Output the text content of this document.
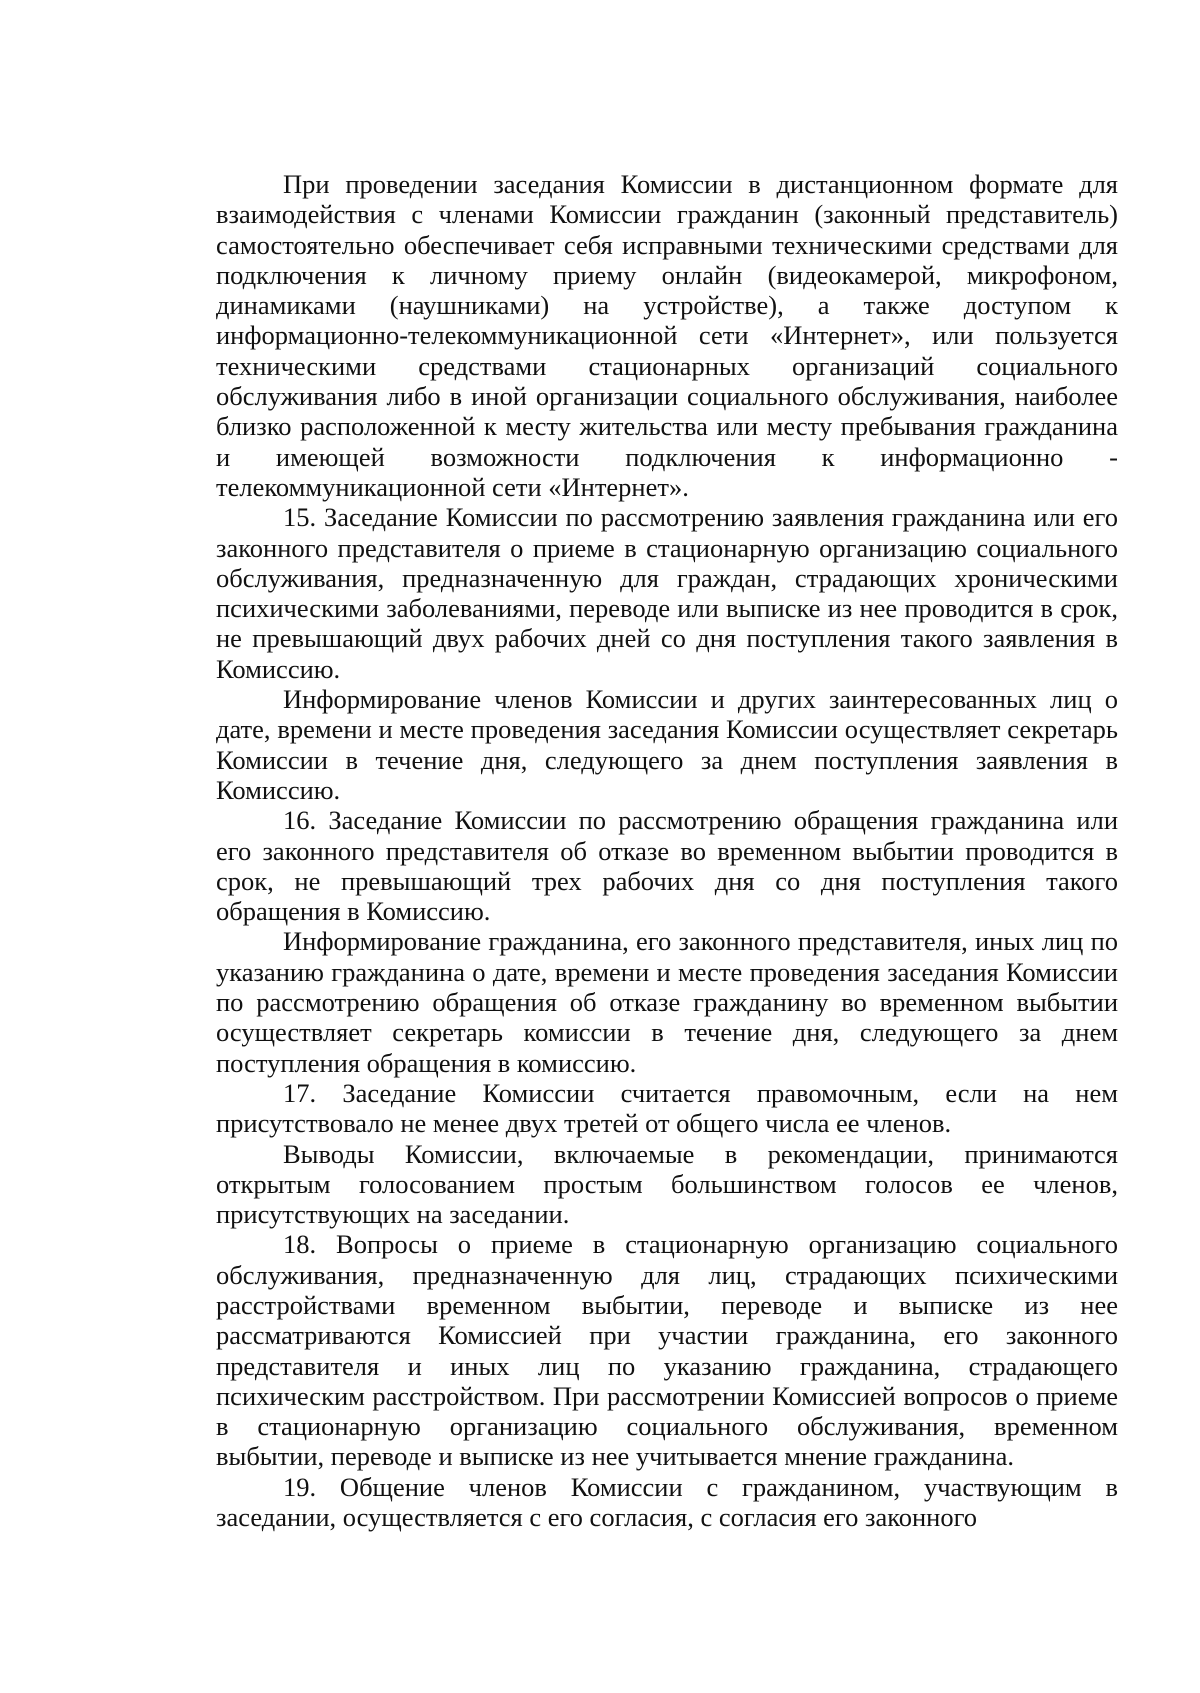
При проведении заседания Комиссии в дистанционном формате для взаимодействия с членами Комиссии гражданин (законный представитель) самостоятельно обеспечивает себя исправными техническими средствами для подключения к личному приему онлайн (видеокамерой, микрофоном, динамиками (наушниками) на устройстве), а также доступом к информационно-телекоммуникационной сети «Интернет», или пользуется техническими средствами стационарных организаций социального обслуживания либо в иной организации социального обслуживания, наиболее близко расположенной к месту жительства или месту пребывания гражданина и имеющей возможности подключения к информационно - телекоммуникационной сети «Интернет».

15. Заседание Комиссии по рассмотрению заявления гражданина или его законного представителя о приеме в стационарную организацию социального обслуживания, предназначенную для граждан, страдающих хроническими психическими заболеваниями, переводе или выписке из нее проводится в срок, не превышающий двух рабочих дней со дня поступления такого заявления в Комиссию.

Информирование членов Комиссии и других заинтересованных лиц о дате, времени и месте проведения заседания Комиссии осуществляет секретарь Комиссии в течение дня, следующего за днем поступления заявления в Комиссию.

16. Заседание Комиссии по рассмотрению обращения гражданина или его законного представителя об отказе во временном выбытии проводится в срок, не превышающий трех рабочих дня со дня поступления такого обращения в Комиссию.

Информирование гражданина, его законного представителя, иных лиц по указанию гражданина о дате, времени и месте проведения заседания Комиссии по рассмотрению обращения об отказе гражданину во временном выбытии осуществляет секретарь комиссии в течение дня, следующего за днем поступления обращения в комиссию.

17. Заседание Комиссии считается правомочным, если на нем присутствовало не менее двух третей от общего числа ее членов.

Выводы Комиссии, включаемые в рекомендации, принимаются открытым голосованием простым большинством голосов ее членов, присутствующих на заседании.

18. Вопросы о приеме в стационарную организацию социального обслуживания, предназначенную для лиц, страдающих психическими расстройствами временном выбытии, переводе и выписке из нее рассматриваются Комиссией при участии гражданина, его законного представителя и иных лиц по указанию гражданина, страдающего психическим расстройством. При рассмотрении Комиссией вопросов о приеме в стационарную организацию социального обслуживания, временном выбытии, переводе и выписке из нее учитывается мнение гражданина.

19. Общение членов Комиссии с гражданином, участвующим в заседании, осуществляется с его согласия, с согласия его законного
